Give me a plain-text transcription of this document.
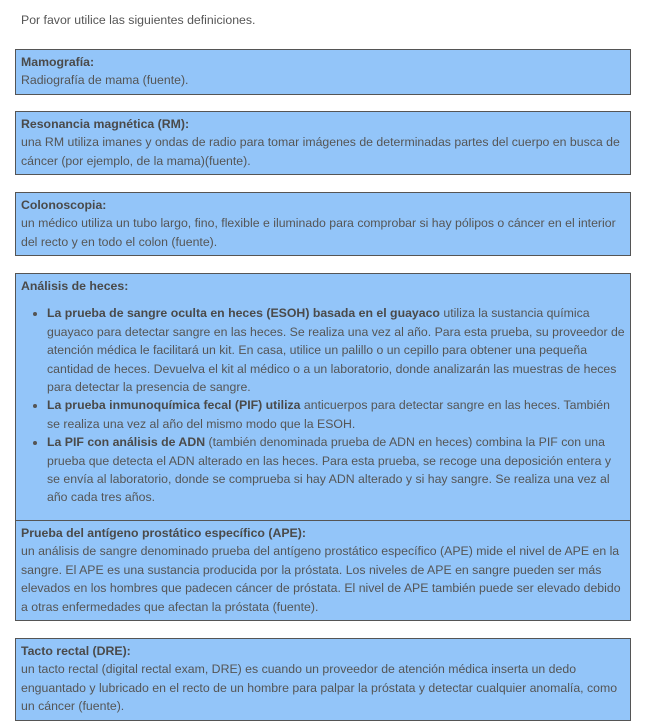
Por favor utilice las siguientes definiciones.

Mamografía:
Radiografía de mama (fuente).
Resonancia magnética (RM):
una RM utiliza imanes y ondas de radio para tomar imágenes de determinadas partes del cuerpo en busca de cáncer (por ejemplo, de la mama)(fuente).
Colonoscopia:
un médico utiliza un tubo largo, fino, flexible e iluminado para comprobar si hay pólipos o cáncer en el interior del recto y en todo el colon (fuente).
Análisis de heces:
• La prueba de sangre oculta en heces (ESOH) basada en el guayaco utiliza la sustancia química guayaco para detectar sangre en las heces. Se realiza una vez al año. Para esta prueba, su proveedor de atención médica le facilitará un kit. En casa, utilice un palillo o un cepillo para obtener una pequeña cantidad de heces. Devuelva el kit al médico o a un laboratorio, donde analizarán las muestras de heces para detectar la presencia de sangre.
• La prueba inmunoquímica fecal (PIF) utiliza anticuerpos para detectar sangre en las heces. También se realiza una vez al año del mismo modo que la ESOH.
• La PIF con análisis de ADN (también denominada prueba de ADN en heces) combina la PIF con una prueba que detecta el ADN alterado en las heces. Para esta prueba, se recoge una deposición entera y se envía al laboratorio, donde se comprueba si hay ADN alterado y si hay sangre. Se realiza una vez al año cada tres años.
Prueba del antígeno prostático específico (APE):
un análisis de sangre denominado prueba del antígeno prostático específico (APE) mide el nivel de APE en la sangre. El APE es una sustancia producida por la próstata. Los niveles de APE en sangre pueden ser más elevados en los hombres que padecen cáncer de próstata. El nivel de APE también puede ser elevado debido a otras enfermedades que afectan la próstata (fuente).
Tacto rectal (DRE):
un tacto rectal (digital rectal exam, DRE) es cuando un proveedor de atención médica inserta un dedo enguantado y lubricado en el recto de un hombre para palpar la próstata y detectar cualquier anomalía, como un cáncer (fuente).
